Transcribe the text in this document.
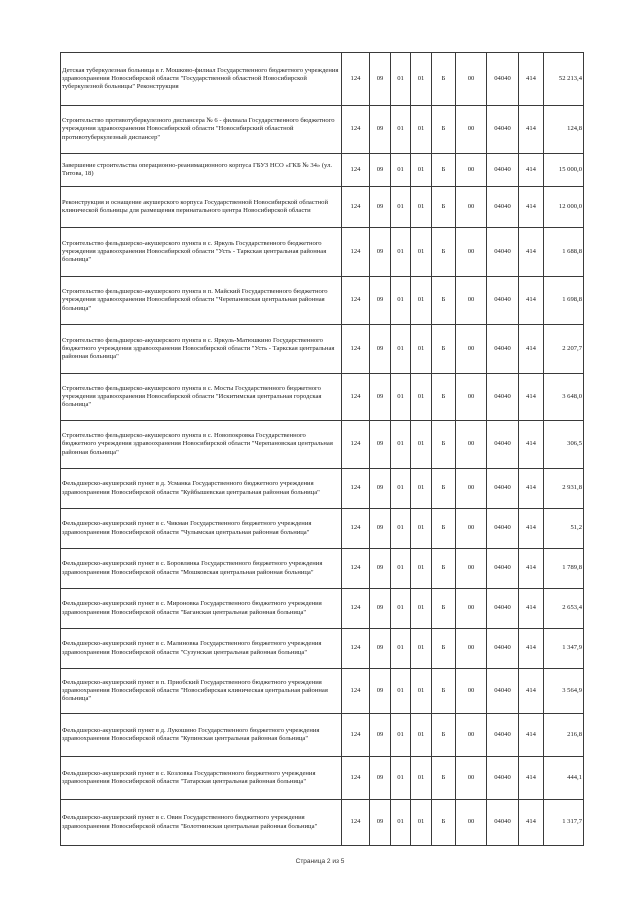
Детская туберкулезная больница в г. Мошково-филиал Государственного бюджетного учреждения здравоохранения Новосибирской области "Государственной областной Новосибирской туберкулезной больницы" Реконструкция	124	09	01	01	Б	00	04040	414	52 213,4
Строительство противотуберкулезного диспансера № 6 - филиала Государственного бюджетного учреждения здравоохранения Новосибирской области "Новосибирский областной противотуберкулезный диспансер"	124	09	01	01	Б	00	04040	414	124,8
Завершение строительства операционно-реанимационного корпуса ГБУЗ НСО «ГКБ № 34» (ул. Титова, 18)	124	09	01	01	Б	00	04040	414	15 000,0
Реконструкция и оснащение акушерского корпуса Государственной Новосибирской областной клинической больницы для размещения перинатального центра Новосибирской области	124	09	01	01	Б	00	04040	414	12 000,0
Строительство фельдшерско-акушерского пункта в с. Яркуль Государственного бюджетного учреждения здравоохранения Новосибирской области "Усть - Таркская центральная районная больница"	124	09	01	01	Б	00	04040	414	1 688,8
Строительство фельдшерско-акушерского пункта в п. Майский Государственного бюджетного учреждения здравоохранения Новосибирской области "Черепановская центральная районная больница"	124	09	01	01	Б	00	04040	414	1 698,8
Строительство фельдшерско-акушерского пункта в с. Яркуль-Матюшкино Государственного бюджетного учреждения здравоохранения Новосибирской области "Усть - Таркская центральная районная больница"	124	09	01	01	Б	00	04040	414	2 207,7
Строительство фельдшерско-акушерского пункта в с. Мосты Государственного бюджетного учреждения здравоохранения Новосибирской области "Искитимская центральная городская больница"	124	09	01	01	Б	00	04040	414	3 648,0
Строительство фельдшерско-акушерского пункта в с. Новопокровка Государственного бюджетного учреждения здравоохранения Новосибирской области "Черепановская центральная районная больница"	124	09	01	01	Б	00	04040	414	306,5
Фельдшерско-акушерский пункт в д. Усманка Государственного бюджетного учреждения здравоохранения Новосибирской области "Куйбышевская центральная районная больница"	124	09	01	01	Б	00	04040	414	2 931,8
Фельдшерско-акушерский пункт в с. Чикман Государственного бюджетного учреждения здравоохранения Новосибирской области "Чулымская центральная районная больница"	124	09	01	01	Б	00	04040	414	51,2
Фельдшерско-акушерский пункт в с. Боровлянка Государственного бюджетного учреждения здравоохранения Новосибирской области "Мошковская центральная районная больница"	124	09	01	01	Б	00	04040	414	1 789,8
Фельдшерско-акушерский пункт в с. Мироновка Государственного бюджетного учреждения здравоохранения Новосибирской области "Баганская центральная районная больница"	124	09	01	01	Б	00	04040	414	2 653,4
Фельдшерско-акушерский пункт в с. Малиновка Государственного бюджетного учреждения здравоохранения Новосибирской области "Сузунская центральная районная больница"	124	09	01	01	Б	00	04040	414	1 347,9
Фельдшерско-акушерский пункт в п. Приобский Государственного бюджетного учреждения здравоохранения Новосибирской области "Новосибирская клиническая центральная районная больница"	124	09	01	01	Б	00	04040	414	3 564,9
Фельдшерско-акушерский пункт в д. Лукошино Государственного бюджетного учреждения здравоохранения Новосибирской области "Купинская центральная районная больница"	124	09	01	01	Б	00	04040	414	216,8
Фельдшерско-акушерский пункт в с. Козловка Государственного бюджетного учреждения здравоохранения Новосибирской области "Татарская центральная районная больница"	124	09	01	01	Б	00	04040	414	444,1
Фельдшерско-акушерский пункт в с. Овин Государственного бюджетного учреждения здравоохранения Новосибирской области "Болотнинская центральная районная больница"	124	09	01	01	Б	00	04040	414	1 317,7
Страница 2 из 5
